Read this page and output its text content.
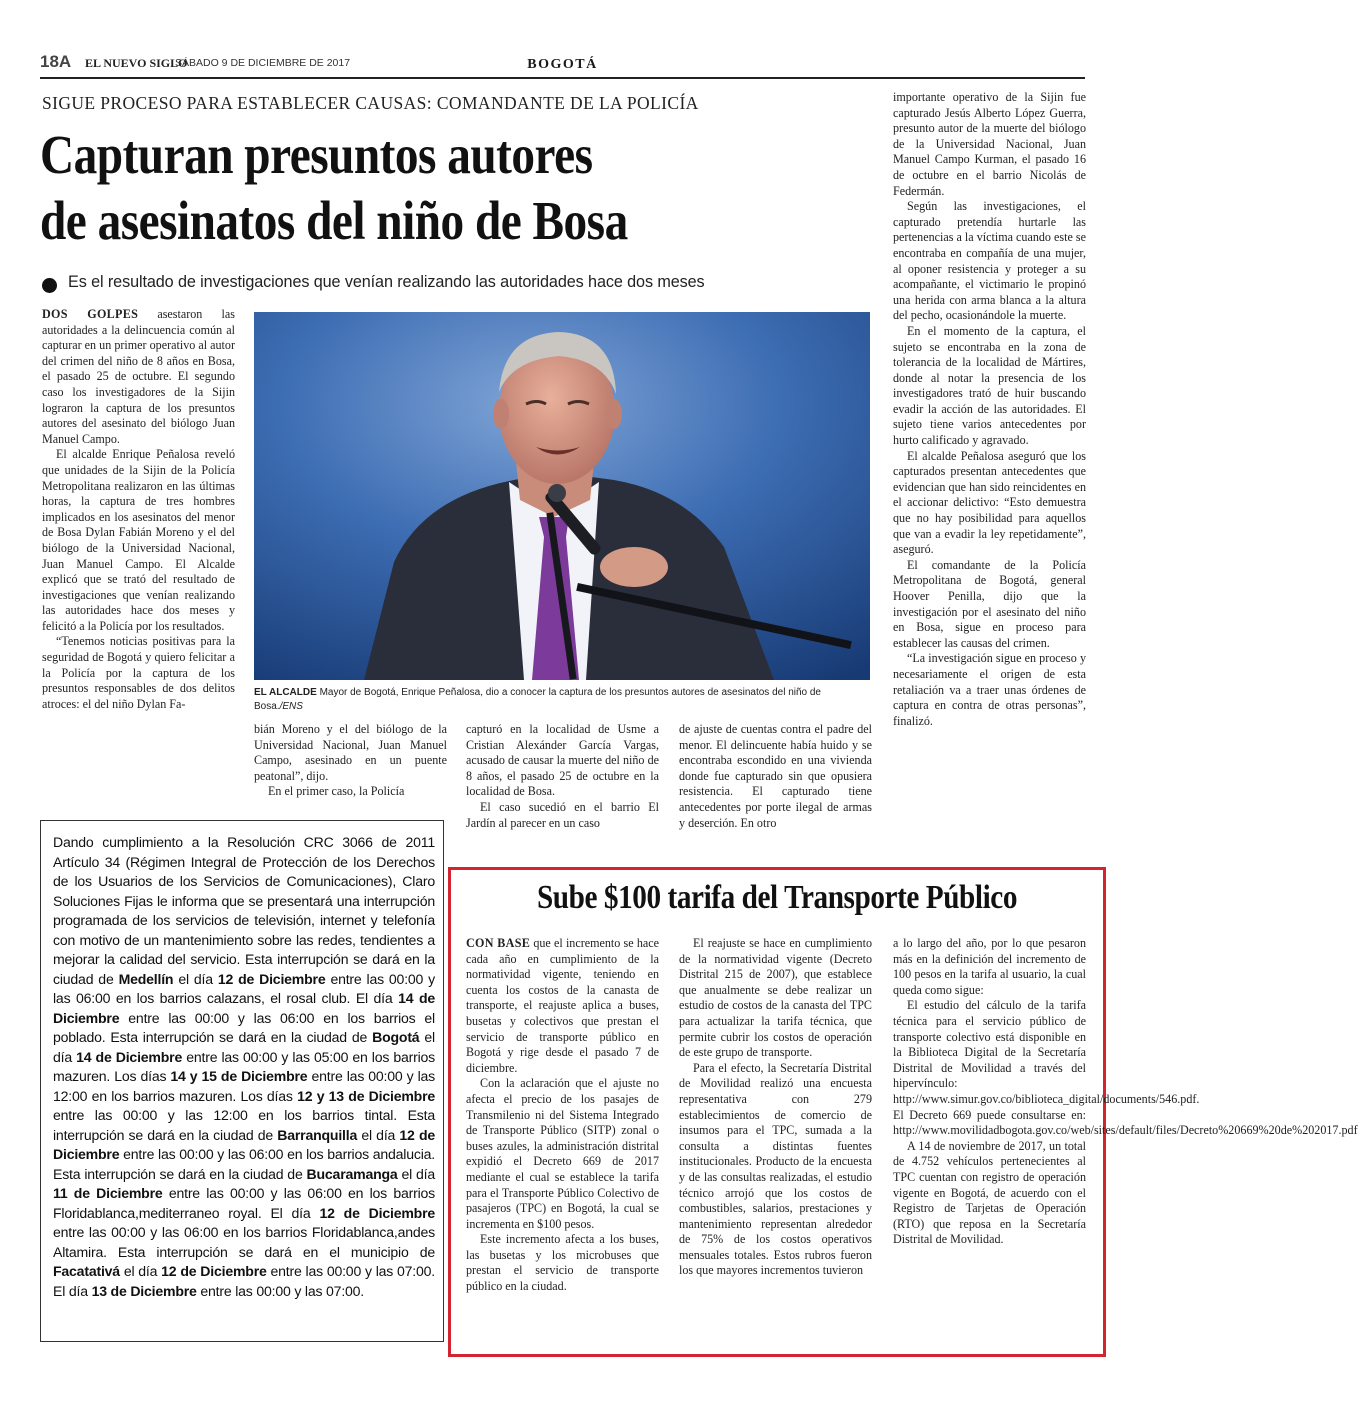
18A EL NUEVO SIGLO
SÁBADO 9 DE DICIEMBRE DE 2017	BOGOTÁ
SIGUE PROCESO PARA ESTABLECER CAUSAS: COMANDANTE DE LA POLICÍA
Capturan presuntos autores
de asesinatos del niño de Bosa
Es el resultado de investigaciones que venían realizando las autoridades hace dos meses
EL ALCALDE Mayor de Bogotá, Enrique Peñalosa, dio a conocer la captura de los presuntos autores de asesinatos del niño de Bosa./ENS

DOS GOLPES asestaron las autoridades a la delincuencia común al capturar en un primer operativo al autor del crimen del niño de 8 años en Bosa, el pasado 25 de octubre. El segundo caso los investigadores de la Sijin lograron la captura de los presuntos autores del asesinato del biólogo Juan Manuel Campo.

El alcalde Enrique Peñalosa reveló que unidades de la Sijin de la Policía Metropolitana realizaron en las últimas horas, la captura de tres hombres implicados en los asesinatos del menor de Bosa Dylan Fabián Moreno y el del biólogo de la Universidad Nacional, Juan Manuel Campo. El Alcalde explicó que se trató del resultado de investigaciones que venían realizando las autoridades hace dos meses y felicitó a la Policía por los resultados.

“Tenemos noticias positivas para la seguridad de Bogotá y quiero felicitar a la Policía por la captura de los presuntos responsables de dos delitos atroces: el del niño Dylan Fa-

bián Moreno y el del biólogo de la Universidad Nacional, Juan Manuel Campo, asesinado en un puente peatonal”, dijo.

En el primer caso, la Policía

capturó en la localidad de Usme a Cristian Alexánder García Vargas, acusado de causar la muerte del niño de 8 años, el pasado 25 de octubre en la localidad de Bosa.

El caso sucedió en el barrio El Jardín al parecer en un caso

de ajuste de cuentas contra el padre del menor. El delincuente había huido y se encontraba escondido en una vivienda donde fue capturado sin que opusiera resistencia. El capturado tiene antecedentes por porte ilegal de armas y deserción. En otro

importante operativo de la Sijin fue capturado Jesús Alberto López Guerra, presunto autor de la muerte del biólogo de la Universidad Nacional, Juan Manuel Campo Kurman, el pasado 16 de octubre en el barrio Nicolás de Federmán.

Según las investigaciones, el capturado pretendía hurtarle las pertenencias a la víctima cuando este se encontraba en compañía de una mujer, al oponer resistencia y proteger a su acompañante, el victimario le propinó una herida con arma blanca a la altura del pecho, ocasionándole la muerte.

En el momento de la captura, el sujeto se encontraba en la zona de tolerancia de la localidad de Mártires, donde al notar la presencia de los investigadores trató de huir buscando evadir la acción de las autoridades. El sujeto tiene varios antecedentes por hurto calificado y agravado.

El alcalde Peñalosa aseguró que los capturados presentan antecedentes que evidencian que han sido reincidentes en el accionar delictivo: “Esto demuestra que no hay posibilidad para aquellos que van a evadir la ley repetidamente”, aseguró.

El comandante de la Policía Metropolitana de Bogotá, general Hoover Penilla, dijo que la investigación por el asesinato del niño en Bosa, sigue en proceso para establecer las causas del crimen.

“La investigación sigue en proceso y necesariamente el origen de esta retaliación va a traer unas órdenes de captura en contra de otras personas”, finalizó.

Dando cumplimiento a la Resolución CRC 3066 de 2011 Artículo 34 (Régimen Integral de Protección de los Derechos de los Usuarios de los Servicios de Comunicaciones), Claro Soluciones Fijas le informa que se presentará una interrupción programada de los servicios de televisión, internet y telefonía con motivo de un mantenimiento sobre las redes, tendientes a mejorar la calidad del servicio. Esta interrupción se dará en la ciudad de Medellín el día 12 de Diciembre entre las 00:00 y las 06:00 en los barrios calazans, el rosal club. El día 14 de Diciembre entre las 00:00 y las 06:00 en los barrios el poblado. Esta interrupción se dará en la ciudad de Bogotá el día 14 de Diciembre entre las 00:00 y las 05:00 en los barrios mazuren. Los días 14 y 15 de Diciembre entre las 00:00 y las 12:00 en los barrios mazuren. Los días 12 y 13 de Diciembre entre las 00:00 y las 12:00 en los barrios tintal. Esta interrupción se dará en la ciudad de Barranquilla el día 12 de Diciembre entre las 00:00 y las 06:00 en los barrios andalucia. Esta interrupción se dará en la ciudad de Bucaramanga el día 11 de Diciembre entre las 00:00 y las 06:00 en los barrios Floridablanca,mediterraneo royal. El día 12 de Diciembre entre las 00:00 y las 06:00 en los barrios Floridablanca,andes Altamira. Esta interrupción se dará en el municipio de Facatativá el día 12 de Diciembre entre las 00:00 y las 07:00. El día 13 de Diciembre entre las 00:00 y las 07:00.
Sube $100 tarifa del Transporte Público

CON BASE que el incremento se hace cada año en cumplimiento de la normatividad vigente, teniendo en cuenta los costos de la canasta de transporte, el reajuste aplica a buses, busetas y colectivos que prestan el servicio de transporte público en Bogotá y rige desde el pasado 7 de diciembre.

Con la aclaración que el ajuste no afecta el precio de los pasajes de Transmilenio ni del Sistema Integrado de Transporte Público (SITP) zonal o buses azules, la administración distrital expidió el Decreto 669 de 2017 mediante el cual se establece la tarifa para el Transporte Público Colectivo de pasajeros (TPC) en Bogotá, la cual se incrementa en $100 pesos.

Este incremento afecta a los buses, las busetas y los microbuses que prestan el servicio de transporte público en la ciudad.

El reajuste se hace en cumplimiento de la normatividad vigente (Decreto Distrital 215 de 2007), que establece que anualmente se debe realizar un estudio de costos de la canasta del TPC para actualizar la tarifa técnica, que permite cubrir los costos de operación de este grupo de transporte.

Para el efecto, la Secretaría Distrital de Movilidad realizó una encuesta representativa con 279 establecimientos de comercio de insumos para el TPC, sumada a la consulta a distintas fuentes institucionales. Producto de la encuesta y de las consultas realizadas, el estudio técnico arrojó que los costos de combustibles, salarios, prestaciones y mantenimiento representan alrededor de 75% de los costos operativos mensuales totales. Estos rubros fueron los que mayores incrementos tuvieron

a lo largo del año, por lo que pesaron más en la definición del incremento de 100 pesos en la tarifa al usuario, la cual queda como sigue:

El estudio del cálculo de la tarifa técnica para el servicio público de transporte colectivo está disponible en la Biblioteca Digital de la Secretaría Distrital de Movilidad a través del hipervínculo: http://www.simur.gov.co/biblioteca_digital/documents/546.pdf. El Decreto 669 puede consultarse en: http://www.movilidadbogota.gov.co/web/sites/default/files/Decreto%20669%20de%202017.pdf

A 14 de noviembre de 2017, un total de 4.752 vehículos pertenecientes al TPC cuentan con registro de operación vigente en Bogotá, de acuerdo con el Registro de Tarjetas de Operación (RTO) que reposa en la Secretaría Distrital de Movilidad.
